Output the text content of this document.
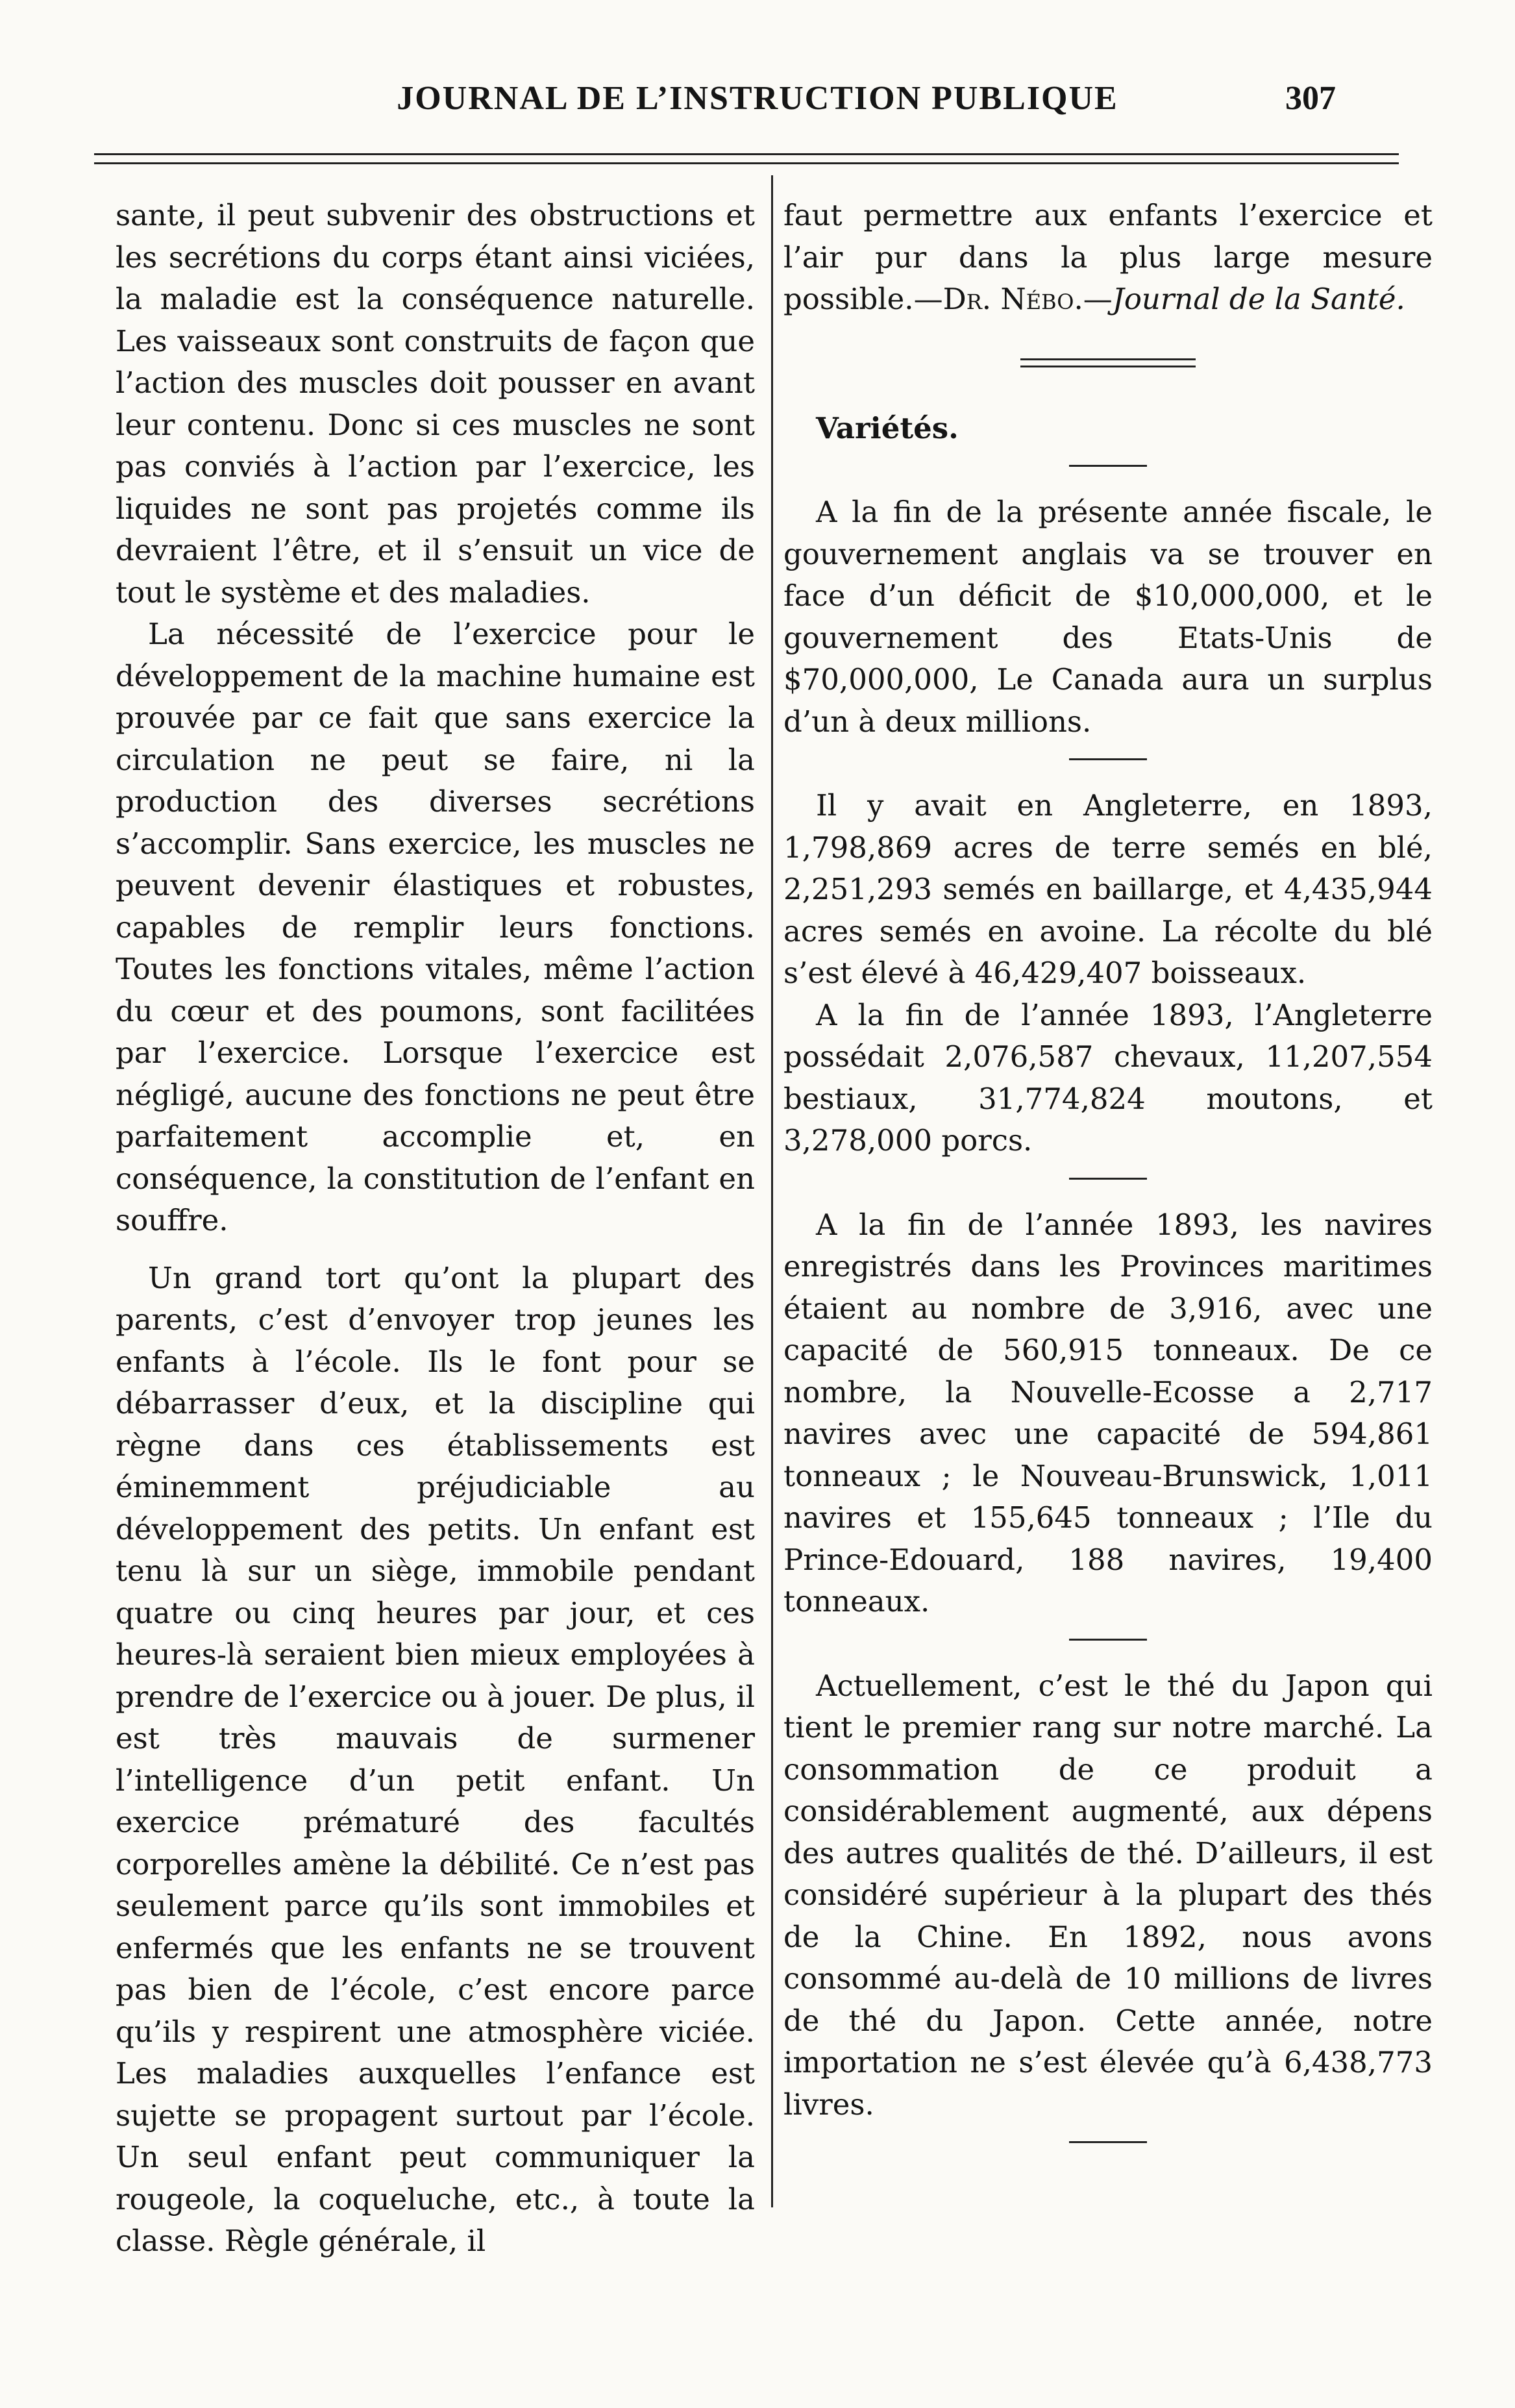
JOURNAL DE L’INSTRUCTION PUBLIQUE	307

sante, il peut subvenir des obstructions et les secrétions du corps étant ainsi viciées, la maladie est la conséquence naturelle. Les vaisseaux sont construits de façon que l’action des muscles doit pousser en avant leur contenu. Donc si ces muscles ne sont pas conviés à l’action par l’exercice, les liquides ne sont pas projetés comme ils devraient l’être, et il s’ensuit un vice de tout le système et des maladies.

La nécessité de l’exercice pour le développement de la machine humaine est prouvée par ce fait que sans exercice la circulation ne peut se faire, ni la production des diverses secrétions s’accomplir. Sans exercice, les muscles ne peuvent devenir élastiques et robustes, capables de remplir leurs fonctions. Toutes les fonctions vitales, même l’action du cœur et des poumons, sont facilitées par l’exercice. Lorsque l’exercice est négligé, aucune des fonctions ne peut être parfaitement accomplie et, en conséquence, la constitution de l’enfant en souffre.

Un grand tort qu’ont la plupart des parents, c’est d’envoyer trop jeunes les enfants à l’école. Ils le font pour se débarrasser d’eux, et la discipline qui règne dans ces établissements est éminemment préjudiciable au développement des petits. Un enfant est tenu là sur un siège, immobile pendant quatre ou cinq heures par jour, et ces heures-là seraient bien mieux employées à prendre de l’exercice ou à jouer. De plus, il est très mauvais de surmener l’intelligence d’un petit enfant. Un exercice prématuré des facultés corporelles amène la débilité. Ce n’est pas seulement parce qu’ils sont immobiles et enfermés que les enfants ne se trouvent pas bien de l’école, c’est encore parce qu’ils y respirent une atmosphère viciée. Les maladies auxquelles l’enfance est sujette se propagent surtout par l’école. Un seul enfant peut communiquer la rougeole, la coqueluche, etc., à toute la classe. Règle générale, il

faut permettre aux enfants l’exercice et l’air pur dans la plus large mesure possible.—Dr. Nébo.—Journal de la Santé.

Variétés.

A la fin de la présente année fiscale, le gouvernement anglais va se trouver en face d’un déficit de $10,000,000, et le gouvernement des Etats-Unis de $70,000,000, Le Canada aura un surplus d’un à deux millions.

Il y avait en Angleterre, en 1893, 1,798,869 acres de terre semés en blé, 2,251,293 semés en baillarge, et 4,435,944 acres semés en avoine. La récolte du blé s’est élevé à 46,429,407 boisseaux.

A la fin de l’année 1893, l’Angleterre possédait 2,076,587 chevaux, 11,207,554 bestiaux, 31,774,824 moutons, et 3,278,000 porcs.

A la fin de l’année 1893, les navires enregistrés dans les Provinces maritimes étaient au nombre de 3,916, avec une capacité de 560,915 tonneaux. De ce nombre, la Nouvelle-Ecosse a 2,717 navires avec une capacité de 594,861 tonneaux ; le Nouveau-Brunswick, 1,011 navires et 155,645 tonneaux ; l’Ile du Prince-Edouard, 188 navires, 19,400 tonneaux.

Actuellement, c’est le thé du Japon qui tient le premier rang sur notre marché. La consommation de ce produit a considérablement augmenté, aux dépens des autres qualités de thé. D’ailleurs, il est considéré supérieur à la plupart des thés de la Chine. En 1892, nous avons consommé au-delà de 10 millions de livres de thé du Japon. Cette année, notre importation ne s’est élevée qu’à 6,438,773 livres.
